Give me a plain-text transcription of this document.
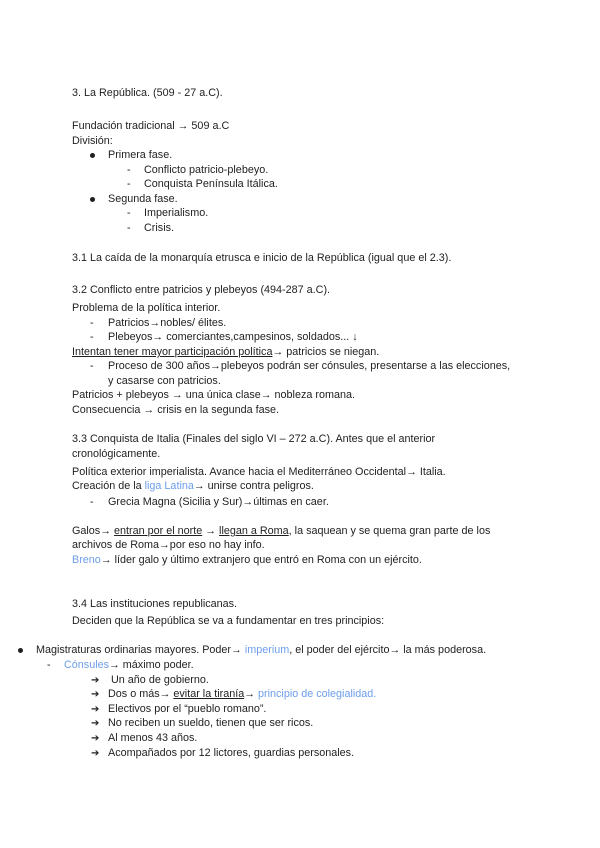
3. La República. (509 - 27 a.C).
Fundación tradicional → 509 a.C
División:
Primera fase.
- Conflicto patricio-plebeyo.
- Conquista Península Itálica.
Segunda fase.
- Imperialismo.
- Crisis.
3.1 La caída de la monarquía etrusca e inicio de la República (igual que el 2.3).
3.2 Conflicto entre patricios y plebeyos (494-287 a.C).
Problema de la política interior.
- Patricios→nobles/ élites.
- Plebeyos→ comerciantes,campesinos, soldados... ↓
Intentan tener mayor participación política→ patricios se niegan.
- Proceso de 300 años→plebeyos podrán ser cónsules, presentarse a las elecciones,
y casarse con patricios.
Patricios + plebeyos → una única clase→ nobleza romana.
Consecuencia → crisis en la segunda fase.
3.3 Conquista de Italia (Finales del siglo VI – 272 a.C). Antes que el anterior
cronológicamente.
Política exterior imperialista. Avance hacia el Mediterráneo Occidental→ Italia.
Creación de la liga Latina→ unirse contra peligros.
- Grecia Magna (Sicilia y Sur)→últimas en caer.
Galos→ entran por el norte → llegan a Roma, la saquean y se quema gran parte de los
archivos de Roma→por eso no hay info.
Breno→ líder galo y último extranjero que entró en Roma con un ejército.
3.4 Las instituciones republicanas.
Deciden que la República se va a fundamentar en tres principios:
Magistraturas ordinarias mayores. Poder→ imperium, el poder del ejército→ la más poderosa.
- Cónsules→ máximo poder.
➔ Un año de gobierno.
➔ Dos o más→ evitar la tiranía→ principio de colegialidad.
➔ Electivos por el “pueblo romano”.
➔ No reciben un sueldo, tienen que ser ricos.
➔ Al menos 43 años.
➔ Acompañados por 12 lictores, guardias personales.
